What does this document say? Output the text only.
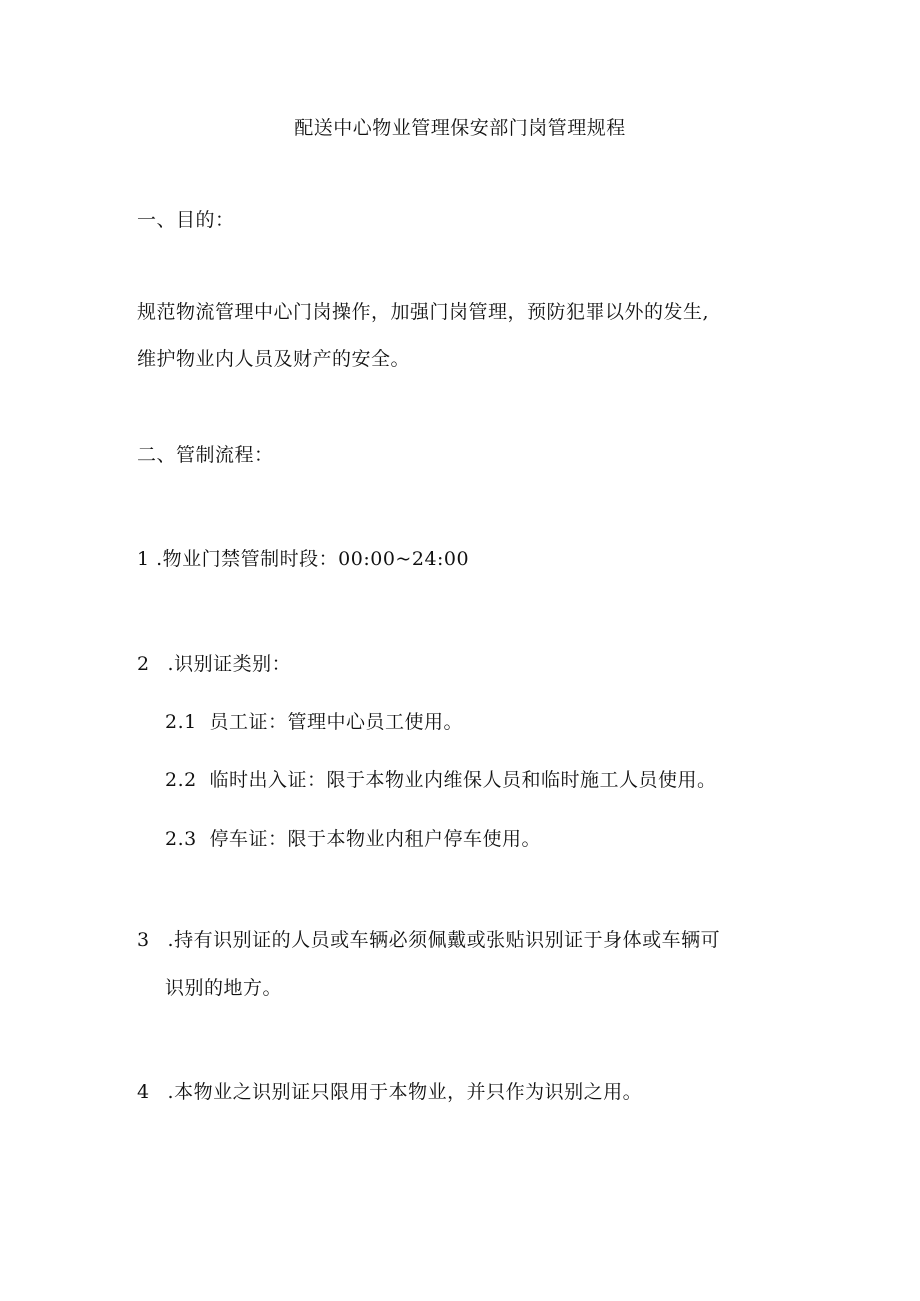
配送中心物业管理保安部门岗管理规程
一、目的：
规范物流管理中心门岗操作，加强门岗管理，预防犯罪以外的发生,
维护物业内人员及财产的安全。
二、管制流程：
1 .物业门禁管制时段：00:00~24:00
2 .识别证类别：
2.1 员工证：管理中心员工使用。
2.2 临时出入证：限于本物业内维保人员和临时施工人员使用。
2.3 停车证：限于本物业内租户停车使用。
3 .持有识别证的人员或车辆必须佩戴或张贴识别证于身体或车辆可
识别的地方。
4 .本物业之识别证只限用于本物业，并只作为识别之用。
